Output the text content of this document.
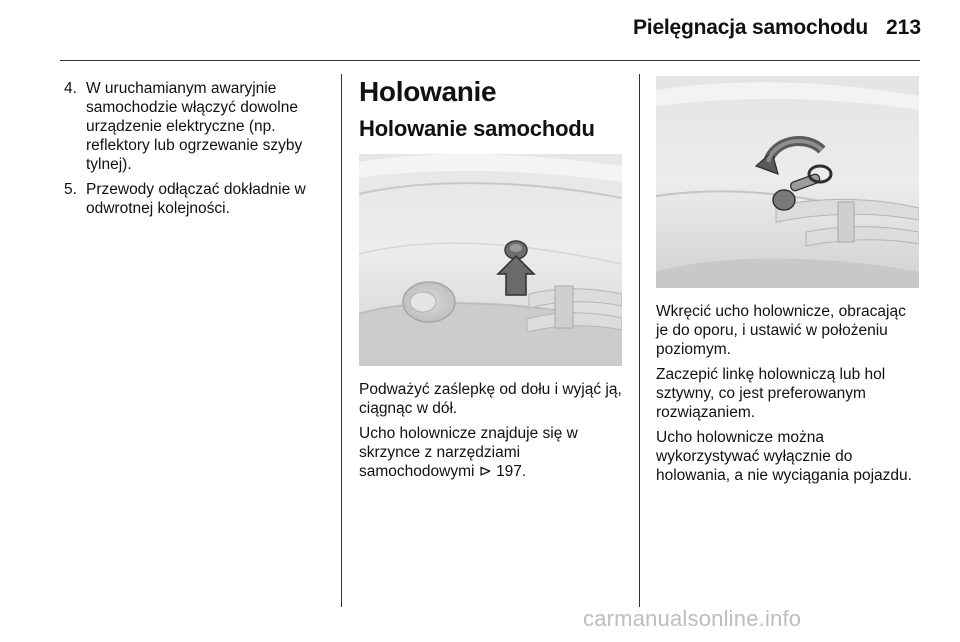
Pielęgnacja samochodu 213
4. W uruchamianym awaryjnie samochodzie włączyć dowolne urządzenie elektryczne (np. reflektory lub ogrzewanie szyby tylnej).
5. Przewody odłączać dokładnie w odwrotnej kolejności.
Holowanie
Holowanie samochodu

Podważyć zaślepkę od dołu i wyjąć ją, ciągnąc w dół.

Ucho holownicze znajduje się w skrzynce z narzędziami samochodowymi ⊳ 197.

Wkręcić ucho holownicze, obracając je do oporu, i ustawić w położeniu poziomym.

Zaczepić linkę holowniczą lub hol sztywny, co jest preferowanym rozwiązaniem.

Ucho holownicze można wykorzystywać wyłącznie do holowania, a nie wyciągania pojazdu.

carmanualsonline.info
